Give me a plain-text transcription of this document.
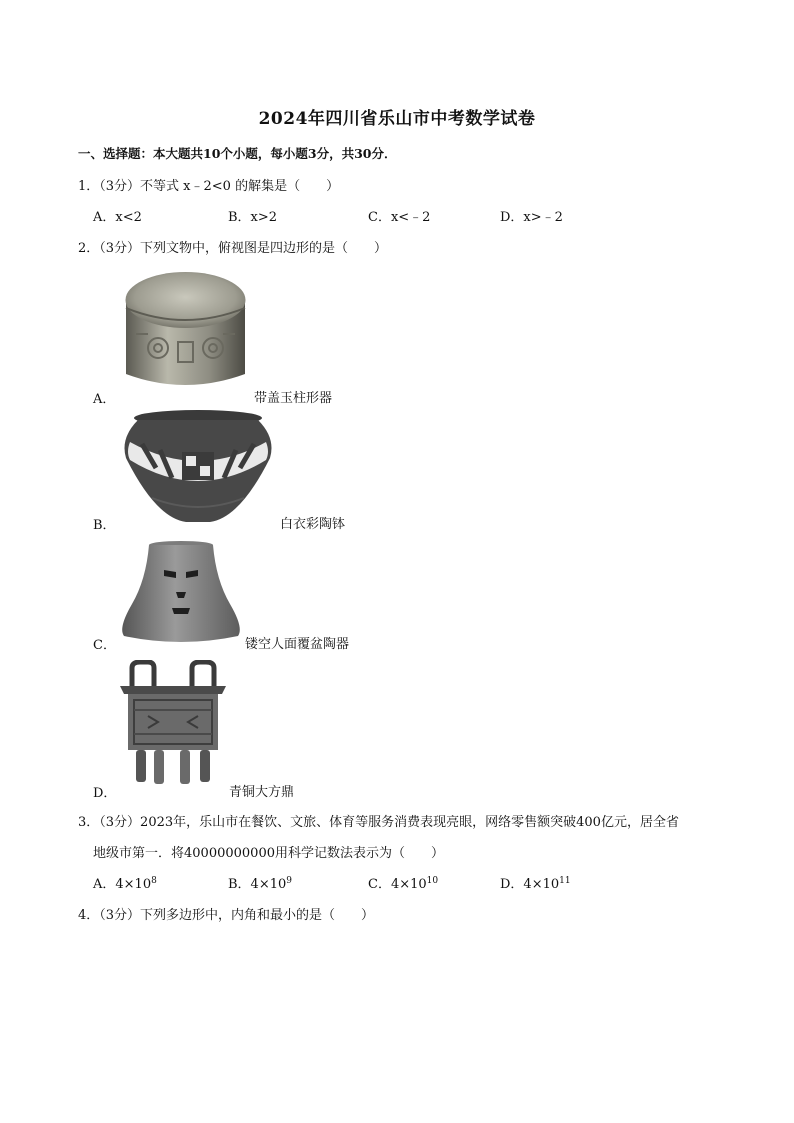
2024年四川省乐山市中考数学试卷
一、选择题：本大题共10个小题，每小题3分，共30分．
1．（3分）不等式 x﹣2<0 的解集是（　　）
A．x<2	B．x>2	C．x<﹣2	D．x>﹣2
2．（3分）下列文物中，俯视图是四边形的是（　　）
A．	带盖玉柱形器
B．	白衣彩陶钵
C．	镂空人面覆盆陶器
D．	青铜大方鼎
3．（3分）2023年，乐山市在餐饮、文旅、体育等服务消费表现亮眼，网络零售额突破400亿元，居全省
地级市第一．将40000000000用科学记数法表示为（　　）
A．$4\times 10^8$	B．$4\times 10^9$	C．$4\times 10^{10}$	D．$4\times 10^{11}$
4．（3分）下列多边形中，内角和最小的是（　　）
